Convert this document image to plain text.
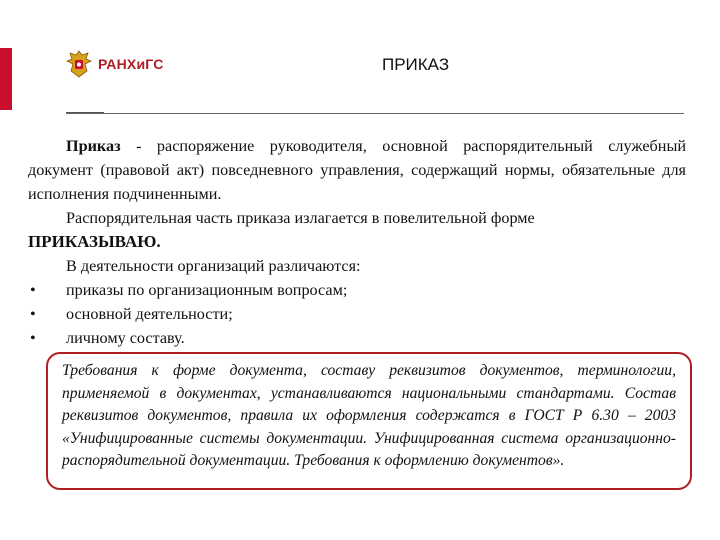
РАНХиГС	ПРИКАЗ

Приказ - распоряжение руководителя, основной распорядительный служебный документ (правовой акт) повседневного управления, содержащий нормы, обязательные для исполнения подчиненными.

Распорядительная часть приказа излагается в повелительной форме

ПРИКАЗЫВАЮ.

В деятельности организаций различаются:

• приказы по организационным вопросам;
• основной деятельности;
• личному составу.
Требования к форме документа, составу реквизитов документов, терминологии, применяемой в документах, устанавливаются национальными стандартами. Состав реквизитов документов, правила их оформления содержатся в ГОСТ Р 6.30 – 2003 «Унифицированные системы документации. Унифицированная система организационно-распорядительной документации. Требования к оформлению документов».
